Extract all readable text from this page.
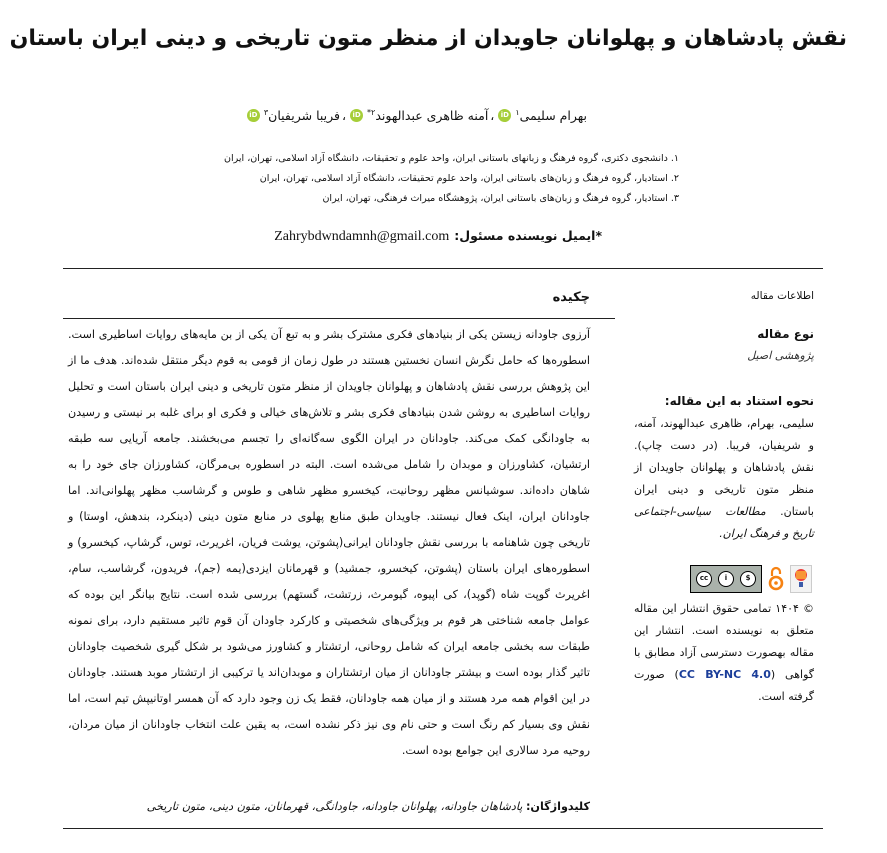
نقش پادشاهان و پهلوانان جاویدان از منظر متون تاریخی و دینی ایران باستان
بهرام سلیمی$^۱$
iD
،
آمنه ظاهری عبدالهوند$^{۲*}$
iD
،
فریبا شریفیان$^۳$
iD
۱. دانشجوی دکتری، گروه فرهنگ و زبانهای باستانی ایران، واحد علوم و تحقیقات، دانشگاه آزاد اسلامی، تهران، ایران
۲. استادیار، گروه فرهنگ و زبان‌های باستانی ایران، واحد علوم تحقیقات، دانشگاه آزاد اسلامی، تهران، ایران
۳. استادیار، گروه فرهنگ و زبان‌های باستانی ایران، پژوهشگاه میراث فرهنگی، تهران، ایران
*ایمیل نویسنده مسئول:
Zahrybdwndamnh@gmail.com
اطلاعات مقاله
چکیده
نوع مقاله
پژوهشی اصیل
نحوه استناد به این مقاله:
سلیمی، بهرام، ظاهری عبدالهوند، آمنه، و شریفیان، فریبا. (در دست چاپ). نقش پادشاهان و پهلوانان جاویدان از منظر متون تاریخی و دینی ایران باستان. مطالعات سیاسی-اجتماعی تاریخ و فرهنگ ایران.
cc	i	$
© ۱۴۰۴ تمامی حقوق انتشار این مقاله متعلق به نویسنده است. انتشار این مقاله بهصورت دسترسی آزاد مطابق با گواهی (CC BY-NC 4.0) صورت گرفته است.
آرزوی جاودانه زیستن یکی از بنیادهای فکری مشترک بشر و به تبع آن یکی از بن مایه‌های روایات اساطیری است. اسطوره‌ها که حامل نگرش انسان نخستین هستند در طول زمان از قومی به قوم دیگر منتقل شده‌اند. هدف ما از این پژوهش بررسی نقش پادشاهان و پهلوانان جاویدان از منظر متون تاریخی و دینی ایران باستان است و تحلیل روایات اساطیری به روشن شدن بنیادهای فکری بشر و تلاش‌های خیالی و فکری او برای غلبه بر نیستی و رسیدن به جاودانگی کمک می‌کند. جاودانان در ایران الگوی سه‌گانه‌ای را تجسم می‌بخشند. جامعه آریایی سه طبقه ارتشیان، کشاورزان و موبدان را شامل می‌شده است. البته در اسطوره بی‌مرگان، کشاورزان جای خود را به شاهان داده‌اند. سوشیانس مظهر روحانیت، کیخسرو مظهر شاهی و طوس و گرشاسب مظهر پهلوانی‌اند. اما جاودانان ایران، اینک فعال نیستند. جاویدان طبق منابع پهلوی در منابع متون دینی (دینکرد، بندهش، اوستا) و تاریخی چون شاهنامه با بررسی نقش جاودانان ایرانی(پشوتن، یوشت فریان، اغریرث، توس، گرشاپ، کیخسرو) و اسطوره‌های ایران باستان (پشوتن، کیخسرو، جمشید) و قهرمانان ایزدی(یمه (جم)، فریدون، گرشاسب، سام، اغریرث گوپت شاه (گوپد)، کی اپیوه، گیومرث، زرتشت، گستهم) بررسی شده است. نتایج بیانگر این بوده که عوامل جامعه شناختی هر قوم بر ویژگی‌های شخصیتی و کارکرد جاودان آن قوم تاثیر مستقیم دارد، برای نمونه طبقات سه بخشی جامعه ایران که شامل روحانی، ارتشتار و کشاورز می‌شود بر شکل گیری شخصیت جاودانان تاثیر گذار بوده است و بیشتر جاودانان از میان ارتشتاران و موبدان‌اند یا ترکیبی از ارتشتار موبد هستند. جاودانان در این اقوام همه مرد هستند و از میان همه جاودانان، فقط یک زن وجود دارد که آن همسر اوتانیپش تیم است، اما نقش وی بسیار کم رنگ است و حتی نام وی نیز ذکر نشده است، به یقین علت انتخاب جاودانان از میان مردان، روحیه مرد سالاری این جوامع بوده است.
کلیدواژگان: پادشاهان جاودانه، پهلوانان جاودانه، جاودانگی، قهرمانان، متون دینی، متون تاریخی
